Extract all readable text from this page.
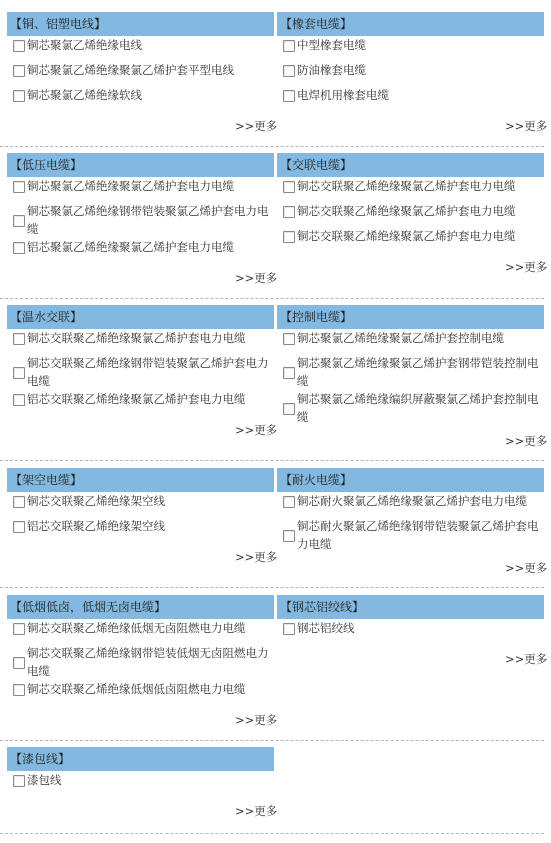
【铜、铝塑电线】
铜芯聚氯乙烯绝缘电线
铜芯聚氯乙烯绝缘聚氯乙烯护套平型电线
铜芯聚氯乙烯绝缘软线
>>更多
【橡套电缆】
中型橡套电缆
防油橡套电缆
电焊机用橡套电缆
>>更多
【低压电缆】
铜芯聚氯乙烯绝缘聚氯乙烯护套电力电缆
铜芯聚氯乙烯绝缘钢带铠装聚氯乙烯护套电力电缆
铝芯聚氯乙烯绝缘聚氯乙烯护套电力电缆
>>更多
【交联电缆】
铜芯交联聚乙烯绝缘聚氯乙烯护套电力电缆
铜芯交联聚乙烯绝缘聚氯乙烯护套电力电缆
铜芯交联聚乙烯绝缘聚氯乙烯护套电力电缆
>>更多
【温水交联】
铜芯交联聚乙烯绝缘聚氯乙烯护套电力电缆
铜芯交联聚乙烯绝缘钢带铠装聚氯乙烯护套电力电缆
铝芯交联聚乙烯绝缘聚氯乙烯护套电力电缆
>>更多
【控制电缆】
铜芯聚氯乙烯绝缘聚氯乙烯护套控制电缆
铜芯聚氯乙烯绝缘聚氯乙烯护套钢带铠装控制电缆
铜芯聚氯乙烯绝缘编织屏蔽聚氯乙烯护套控制电缆
>>更多
【架空电缆】
铜芯交联聚乙烯绝缘架空线
铝芯交联聚乙烯绝缘架空线
>>更多
【耐火电缆】
铜芯耐火聚氯乙烯绝缘聚氯乙烯护套电力电缆
铜芯耐火聚氯乙烯绝缘钢带铠装聚氯乙烯护套电力电缆
>>更多
【低烟低卤，低烟无卤电缆】
铜芯交联聚乙烯绝缘低烟无卤阻燃电力电缆
铜芯交联聚乙烯绝缘钢带铠装低烟无卤阻燃电力电缆
铜芯交联聚乙烯绝缘低烟低卤阻燃电力电缆
>>更多
【钢芯铝绞线】
钢芯铝绞线
>>更多
【漆包线】
漆包线
>>更多
